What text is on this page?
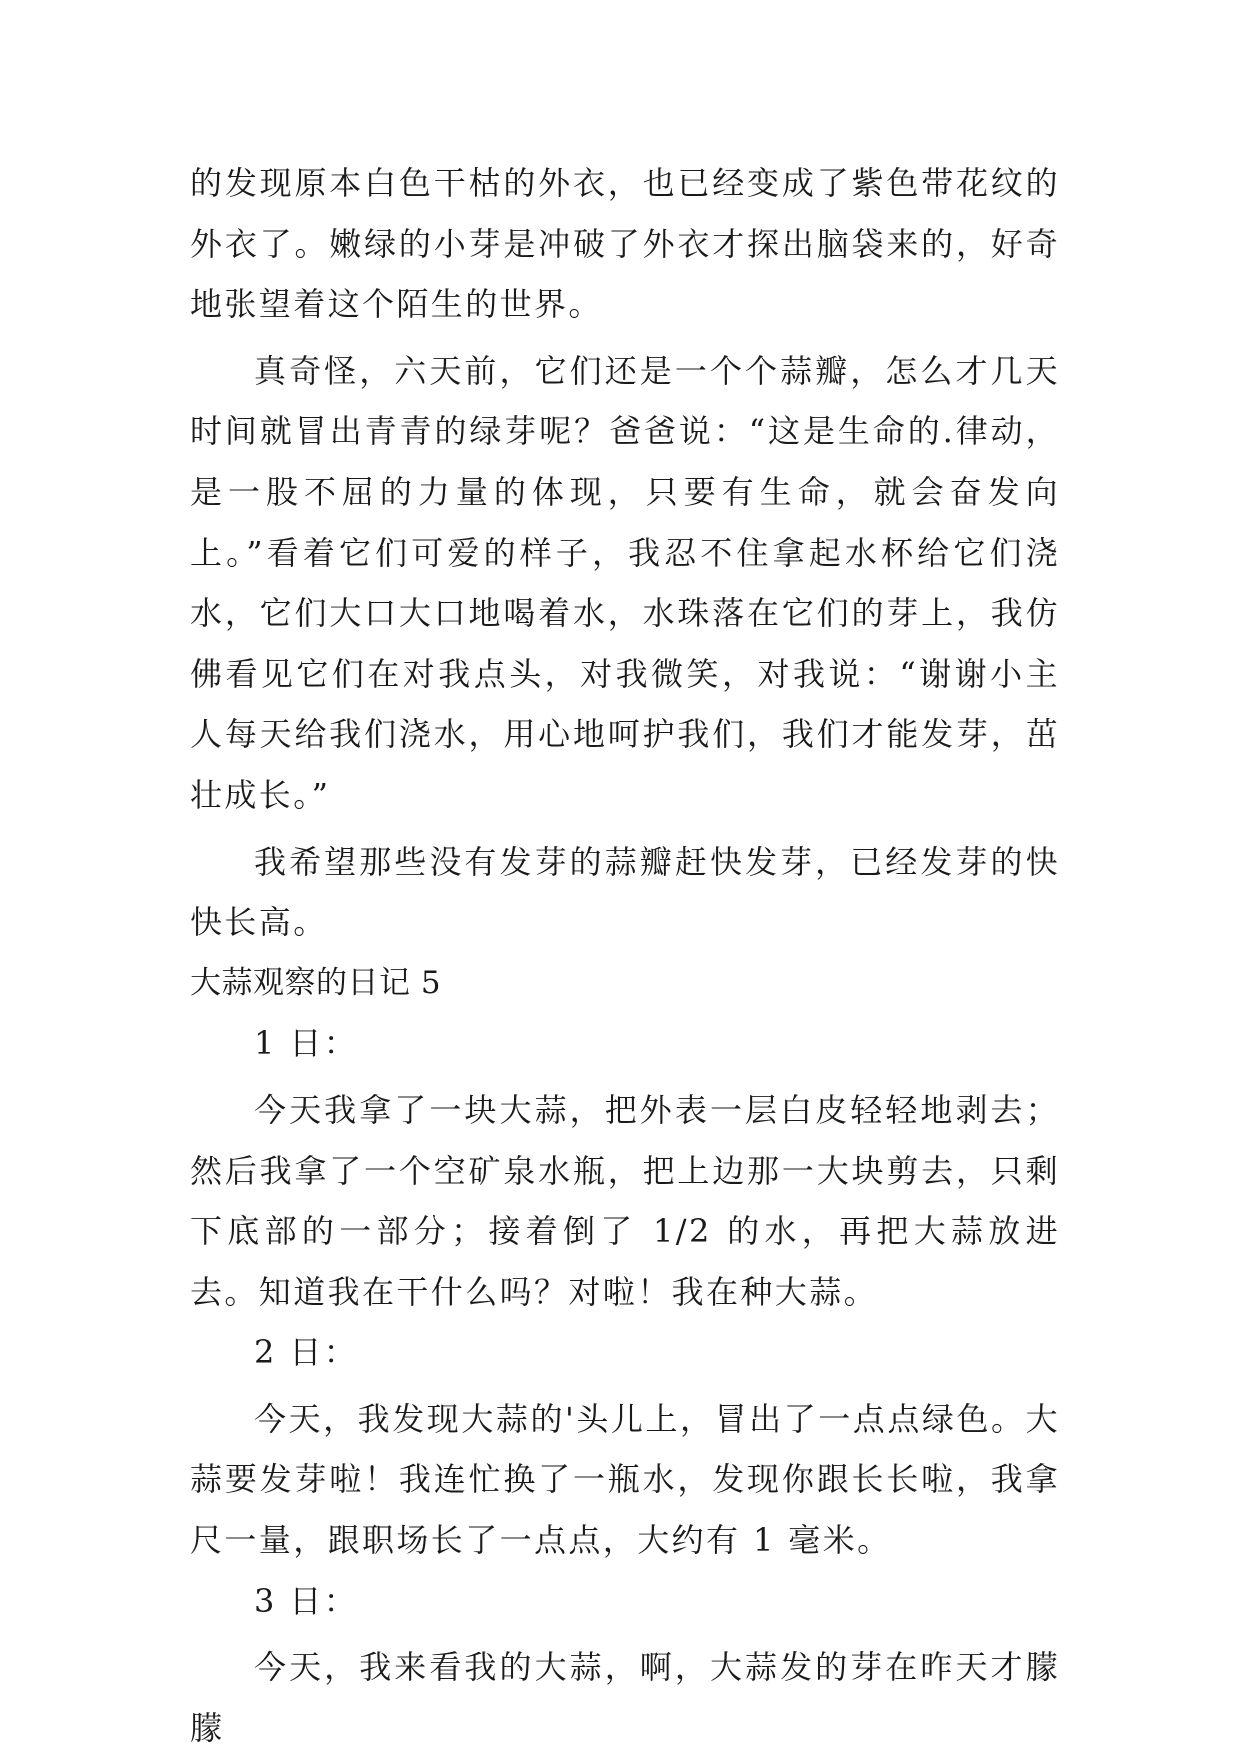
的发现原本白色干枯的外衣，也已经变成了紫色带花纹的外衣了。嫩绿的小芽是冲破了外衣才探出脑袋来的，好奇地张望着这个陌生的世界。

真奇怪，六天前，它们还是一个个蒜瓣，怎么才几天时间就冒出青青的绿芽呢？爸爸说：“这是生命的.律动，是一股不屈的力量的体现，只要有生命，就会奋发向上。”看着它们可爱的样子，我忍不住拿起水杯给它们浇水，它们大口大口地喝着水，水珠落在它们的芽上，我仿佛看见它们在对我点头，对我微笑，对我说：“谢谢小主人每天给我们浇水，用心地呵护我们，我们才能发芽，茁壮成长。”

我希望那些没有发芽的蒜瓣赶快发芽，已经发芽的快快长高。

大蒜观察的日记 5

1 日：

今天我拿了一块大蒜，把外表一层白皮轻轻地剥去；然后我拿了一个空矿泉水瓶，把上边那一大块剪去，只剩下底部的一部分；接着倒了 1/2 的水，再把大蒜放进去。知道我在干什么吗？对啦！我在种大蒜。

2 日：

今天，我发现大蒜的'头儿上，冒出了一点点绿色。大蒜要发芽啦！我连忙换了一瓶水，发现你跟长长啦，我拿尺一量，跟职场长了一点点，大约有 1 毫米。

3 日：

今天，我来看我的大蒜，啊，大蒜发的芽在昨天才朦朦
